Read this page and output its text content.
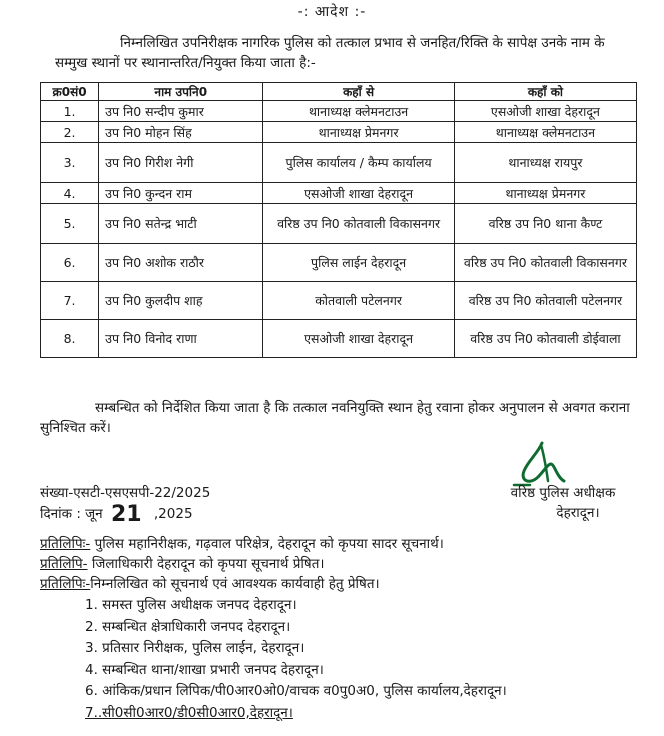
-: आदेश :-
निम्नलिखित उपनिरीक्षक नागरिक पुलिस को तत्काल प्रभाव से जनहित/रिक्ति के सापेक्ष उनके नाम के सम्मुख स्थानों पर स्थानान्तरित/नियुक्त किया जाता है:-
क्र0सं0	नाम उपनि0	कहाँ से	कहाँ को
1.	उप नि0 सन्दीप कुमार	थानाध्यक्ष क्लेमनटाउन	एसओजी शाखा देहरादून
2.	उप नि0 मोहन सिंह	थानाध्यक्ष प्रेमनगर	थानाध्यक्ष क्लेमनटाउन
3.	उप नि0 गिरीश नेगी	पुलिस कार्यालय / कैम्प कार्यालय	थानाध्यक्ष रायपुर
4.	उप नि0 कुन्दन राम	एसओजी शाखा देहरादून	थानाध्यक्ष प्रेमनगर
5.	उप नि0 सतेन्द्र भाटी	वरिष्ठ उप नि0 कोतवाली विकासनगर	वरिष्ठ उप नि0 थाना कैण्ट
6.	उप नि0 अशोक राठौर	पुलिस लाईन देहरादून	वरिष्ठ उप नि0 कोतवाली विकासनगर
7.	उप नि0 कुलदीप शाह	कोतवाली पटेलनगर	वरिष्ठ उप नि0 कोतवाली पटेलनगर
8.	उप नि0 विनोद राणा	एसओजी शाखा देहरादून	वरिष्ठ उप नि0 कोतवाली डोईवाला
सम्बन्धित को निर्देशित किया जाता है कि तत्काल नवनियुक्ति स्थान हेतु रवाना होकर अनुपालन से अवगत कराना सुनिश्चित करें।
संख्या-एसटी-एसएसपी-22/2025
दिनांक : जून 21 ,2025
वरिष्ठ पुलिस अधीक्षक
देहरादून।
प्रतिलिपिः- पुलिस महानिरीक्षक, गढ़वाल परिक्षेत्र, देहरादून को कृपया सादर सूचनार्थ।
प्रतिलिपि- जिलाधिकारी देहरादून को कृपया सूचनार्थ प्रेषित।
प्रतिलिपिः-निम्नलिखित को सूचनार्थ एवं आवश्यक कार्यवाही हेतु प्रेषित।
1. समस्त पुलिस अधीक्षक जनपद देहरादून।
2. सम्बन्धित क्षेत्राधिकारी जनपद देहरादून।
3. प्रतिसार निरीक्षक, पुलिस लाईन, देहरादून।
4. सम्बन्धित थाना/शाखा प्रभारी जनपद देहरादून।
6. आंकिक/प्रधान लिपिक/पी0आर0ओ0/वाचक व0पु0अ0, पुलिस कार्यालय,देहरादून।
7..सी0सी0आर0/डी0सी0आर0,देहरादून।
